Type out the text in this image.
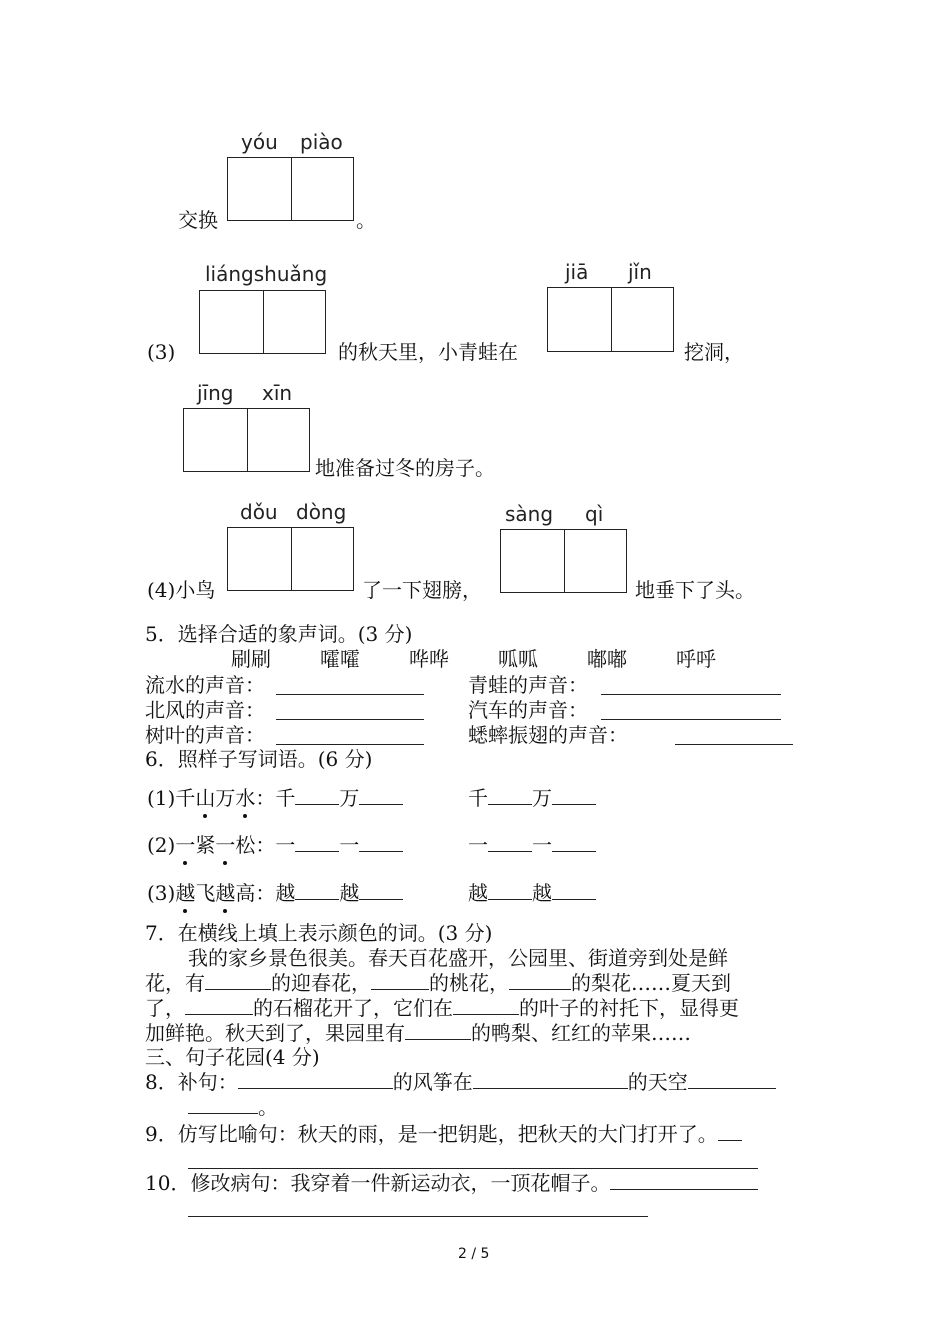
yóu piào
交换	。
liángshuǎng
(3)	的秋天里，小青蛙在
jiā jǐn
挖洞，
jīng xīn
地准备过冬的房子。
dǒu dòng
(4)小鸟	了一下翅膀，
sàng qì
地垂下了头。
5．选择合适的象声词。(3 分)
刷刷 嚯嚯 哗哗 呱呱 嘟嘟 呼呼
流水的声音：	青蛙的声音：
北风的声音：	汽车的声音：
树叶的声音：	蟋蟀振翅的声音：
6．照样子写词语。(6 分)
(1)千山万水：千 万	千 万
(2)一紧一松：一 一	一 一
(3)越飞越高：越 越	越 越
7．在横线上填上表示颜色的词。(3 分)
我的家乡景色很美。春天百花盛开，公园里、街道旁到处是鲜
花，有	的迎春花，	的桃花，	的梨花……夏天到
了，	的石榴花开了，它们在	的叶子的衬托下，显得更
加鲜艳。秋天到了，果园里有	的鸭梨、红红的苹果……
三、句子花园(4 分)
8．补句：	的风筝在	的天空
。
9．仿写比喻句：秋天的雨，是一把钥匙，把秋天的大门打开了。
10．修改病句：我穿着一件新运动衣，一顶花帽子。
2 / 5
